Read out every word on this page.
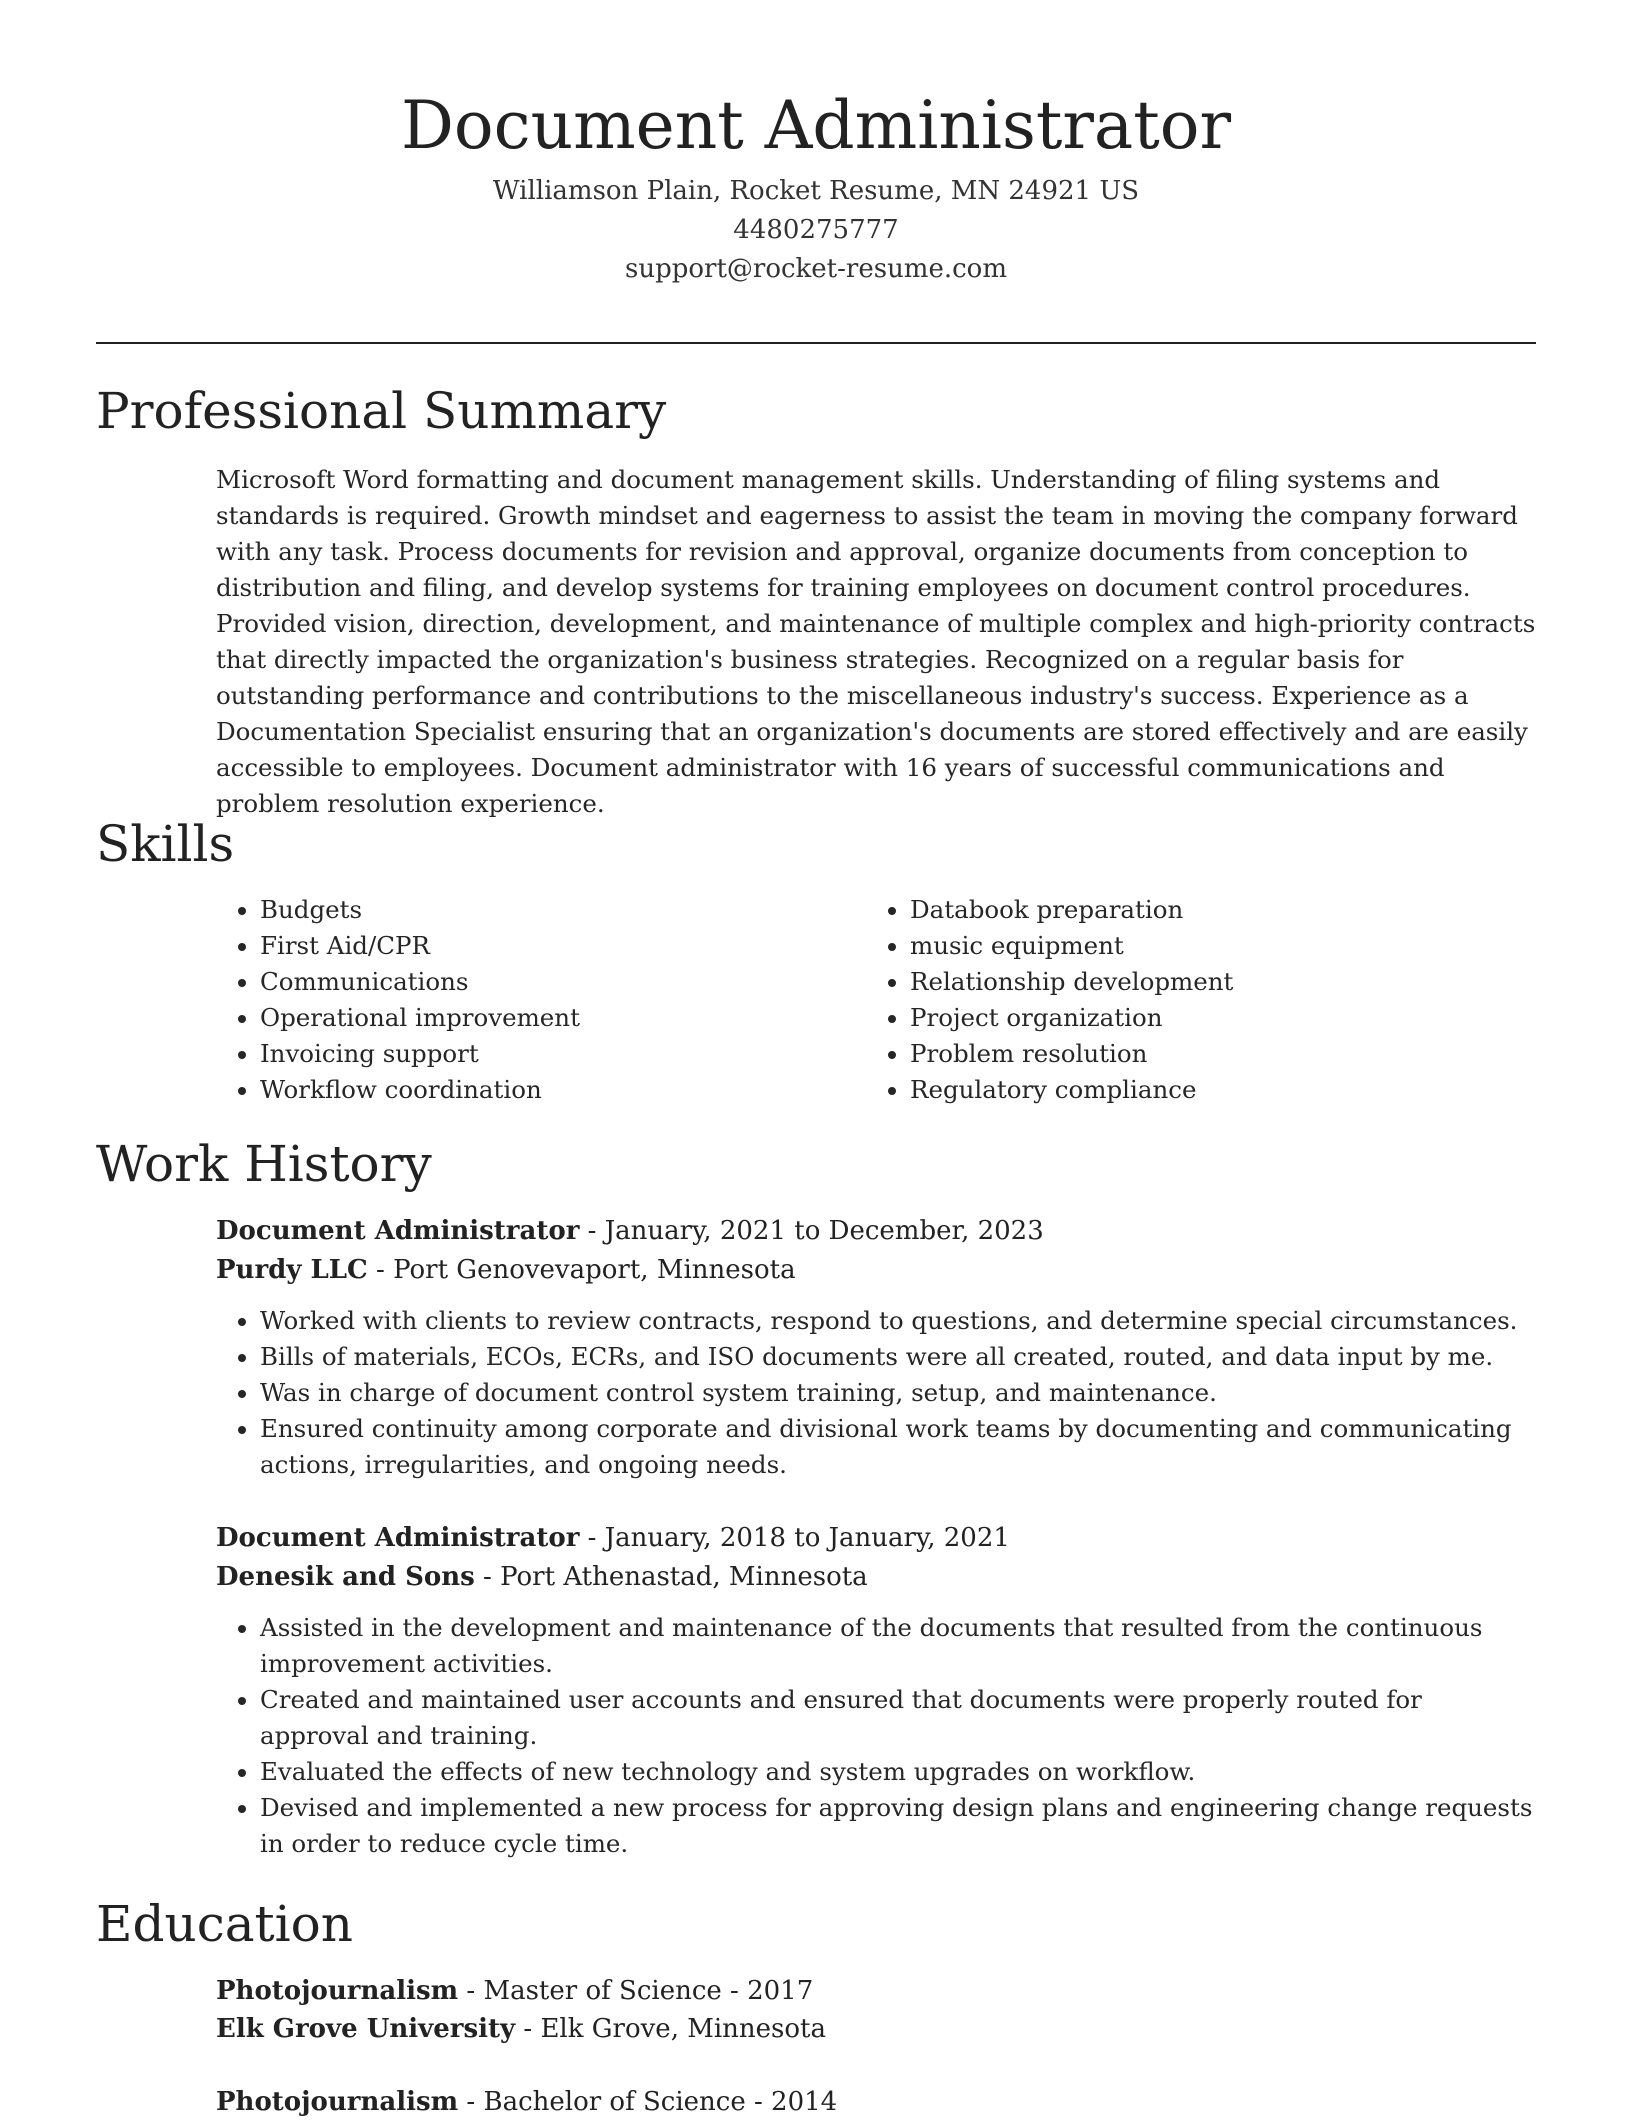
Document Administrator

Williamson Plain, Rocket Resume, MN 24921 US

4480275777

support@rocket-resume.com

Professional Summary

Microsoft Word formatting and document management skills. Understanding of filing systems and standards is required. Growth mindset and eagerness to assist the team in moving the company forward with any task. Process documents for revision and approval, organize documents from conception to distribution and filing, and develop systems for training employees on document control procedures. Provided vision, direction, development, and maintenance of multiple complex and high-priority contracts that directly impacted the organization's business strategies. Recognized on a regular basis for outstanding performance and contributions to the miscellaneous industry's success. Experience as a Documentation Specialist ensuring that an organization's documents are stored effectively and are easily accessible to employees. Document administrator with 16 years of successful communications and problem resolution experience.

Skills
• Budgets
• First Aid/CPR
• Communications
• Operational improvement
• Invoicing support
• Workflow coordination
• Databook preparation
• music equipment
• Relationship development
• Project organization
• Problem resolution
• Regulatory compliance
Work History

Document Administrator - January, 2021 to December, 2023

Purdy LLC - Port Genovevaport, Minnesota

• Worked with clients to review contracts, respond to questions, and determine special circumstances.
• Bills of materials, ECOs, ECRs, and ISO documents were all created, routed, and data input by me.
• Was in charge of document control system training, setup, and maintenance.
• Ensured continuity among corporate and divisional work teams by documenting and communicating actions, irregularities, and ongoing needs.

Document Administrator - January, 2018 to January, 2021

Denesik and Sons - Port Athenastad, Minnesota

• Assisted in the development and maintenance of the documents that resulted from the continuous improvement activities.
• Created and maintained user accounts and ensured that documents were properly routed for approval and training.
• Evaluated the effects of new technology and system upgrades on workflow.
• Devised and implemented a new process for approving design plans and engineering change requests in order to reduce cycle time.
Education

Photojournalism - Master of Science - 2017

Elk Grove University - Elk Grove, Minnesota

Photojournalism - Bachelor of Science - 2014
